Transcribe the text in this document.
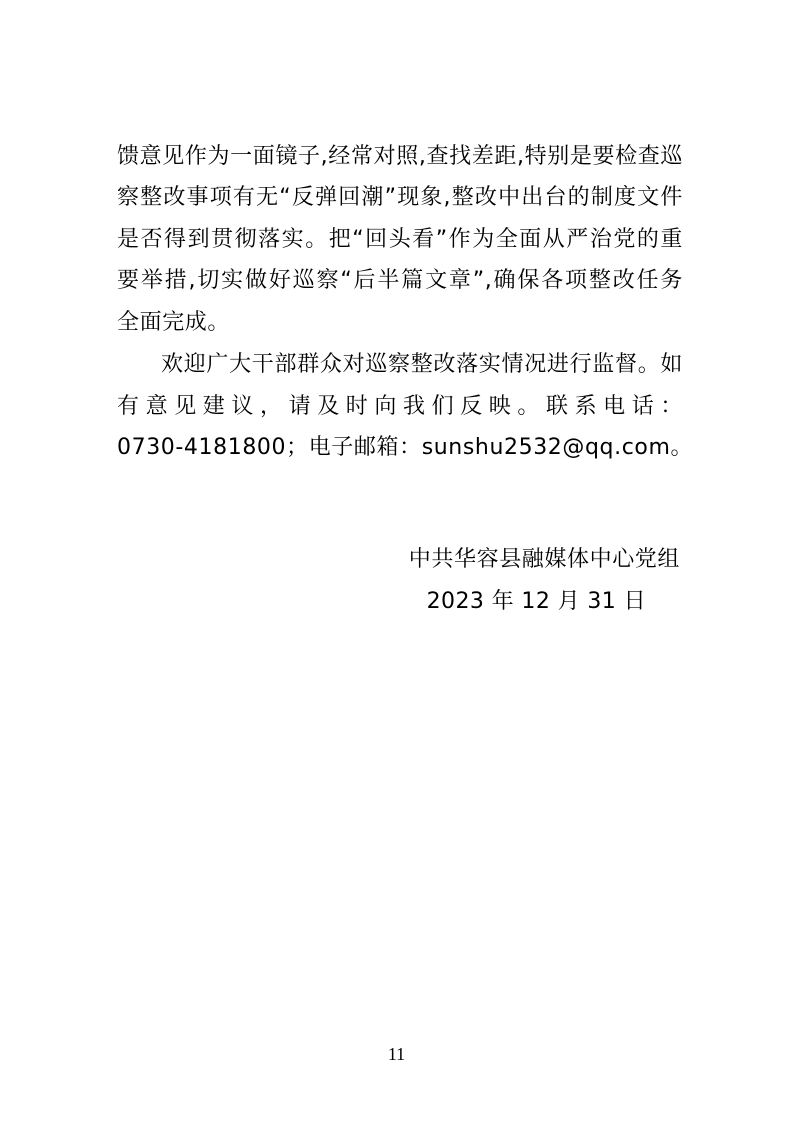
馈意见作为一面镜子,经常对照,查找差距,特别是要检查巡
察整改事项有无“反弹回潮”现象,整改中出台的制度文件
是否得到贯彻落实。把“回头看”作为全面从严治党的重
要举措,切实做好巡察“后半篇文章”,确保各项整改任务
全面完成。
欢迎广大干部群众对巡察整改落实情况进行监督。如
有意见建议，请及时向我们反映。联系电话：
0730-4181800；电子邮箱：sunshu2532@qq.com。
中共华容县融媒体中心党组
2023 年 12 月 31 日
11
